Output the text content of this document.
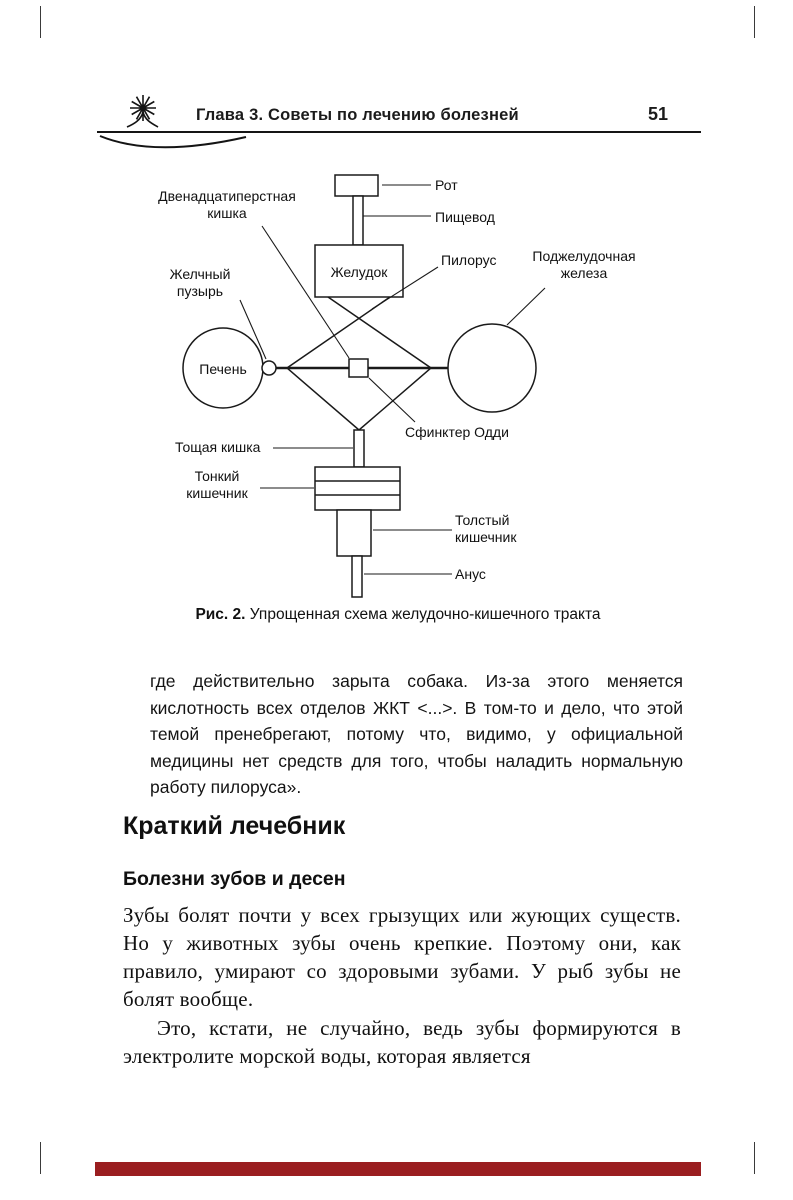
Глава 3. Советы по лечению болезней	51
Рот
Пищевод
Пилорус	Поджелудочная железа
Двенадцатиперстная кишка
Желчный пузырь
Печень
Желудок
Сфинктер Одди
Тощая кишка
Тонкий кишечник
Толстый кишечник
Анус
Рис. 2. Упрощенная схема желудочно-кишечного тракта
где действительно зарыта собака. Из-за этого меняется кислотность всех отделов ЖКТ <...>. В том-то и дело, что этой темой пренебрегают, потому что, видимо, у официальной медицины нет средств для того, чтобы наладить нормальную работу пилоруса».
Краткий лечебник
Болезни зубов и десен
Зубы болят почти у всех грызущих или жующих существ. Но у животных зубы очень крепкие. Поэтому они, как правило, умирают со здоровыми зубами. У рыб зубы не болят вообще.
Это, кстати, не случайно, ведь зубы формируются в электролите морской воды, которая является
